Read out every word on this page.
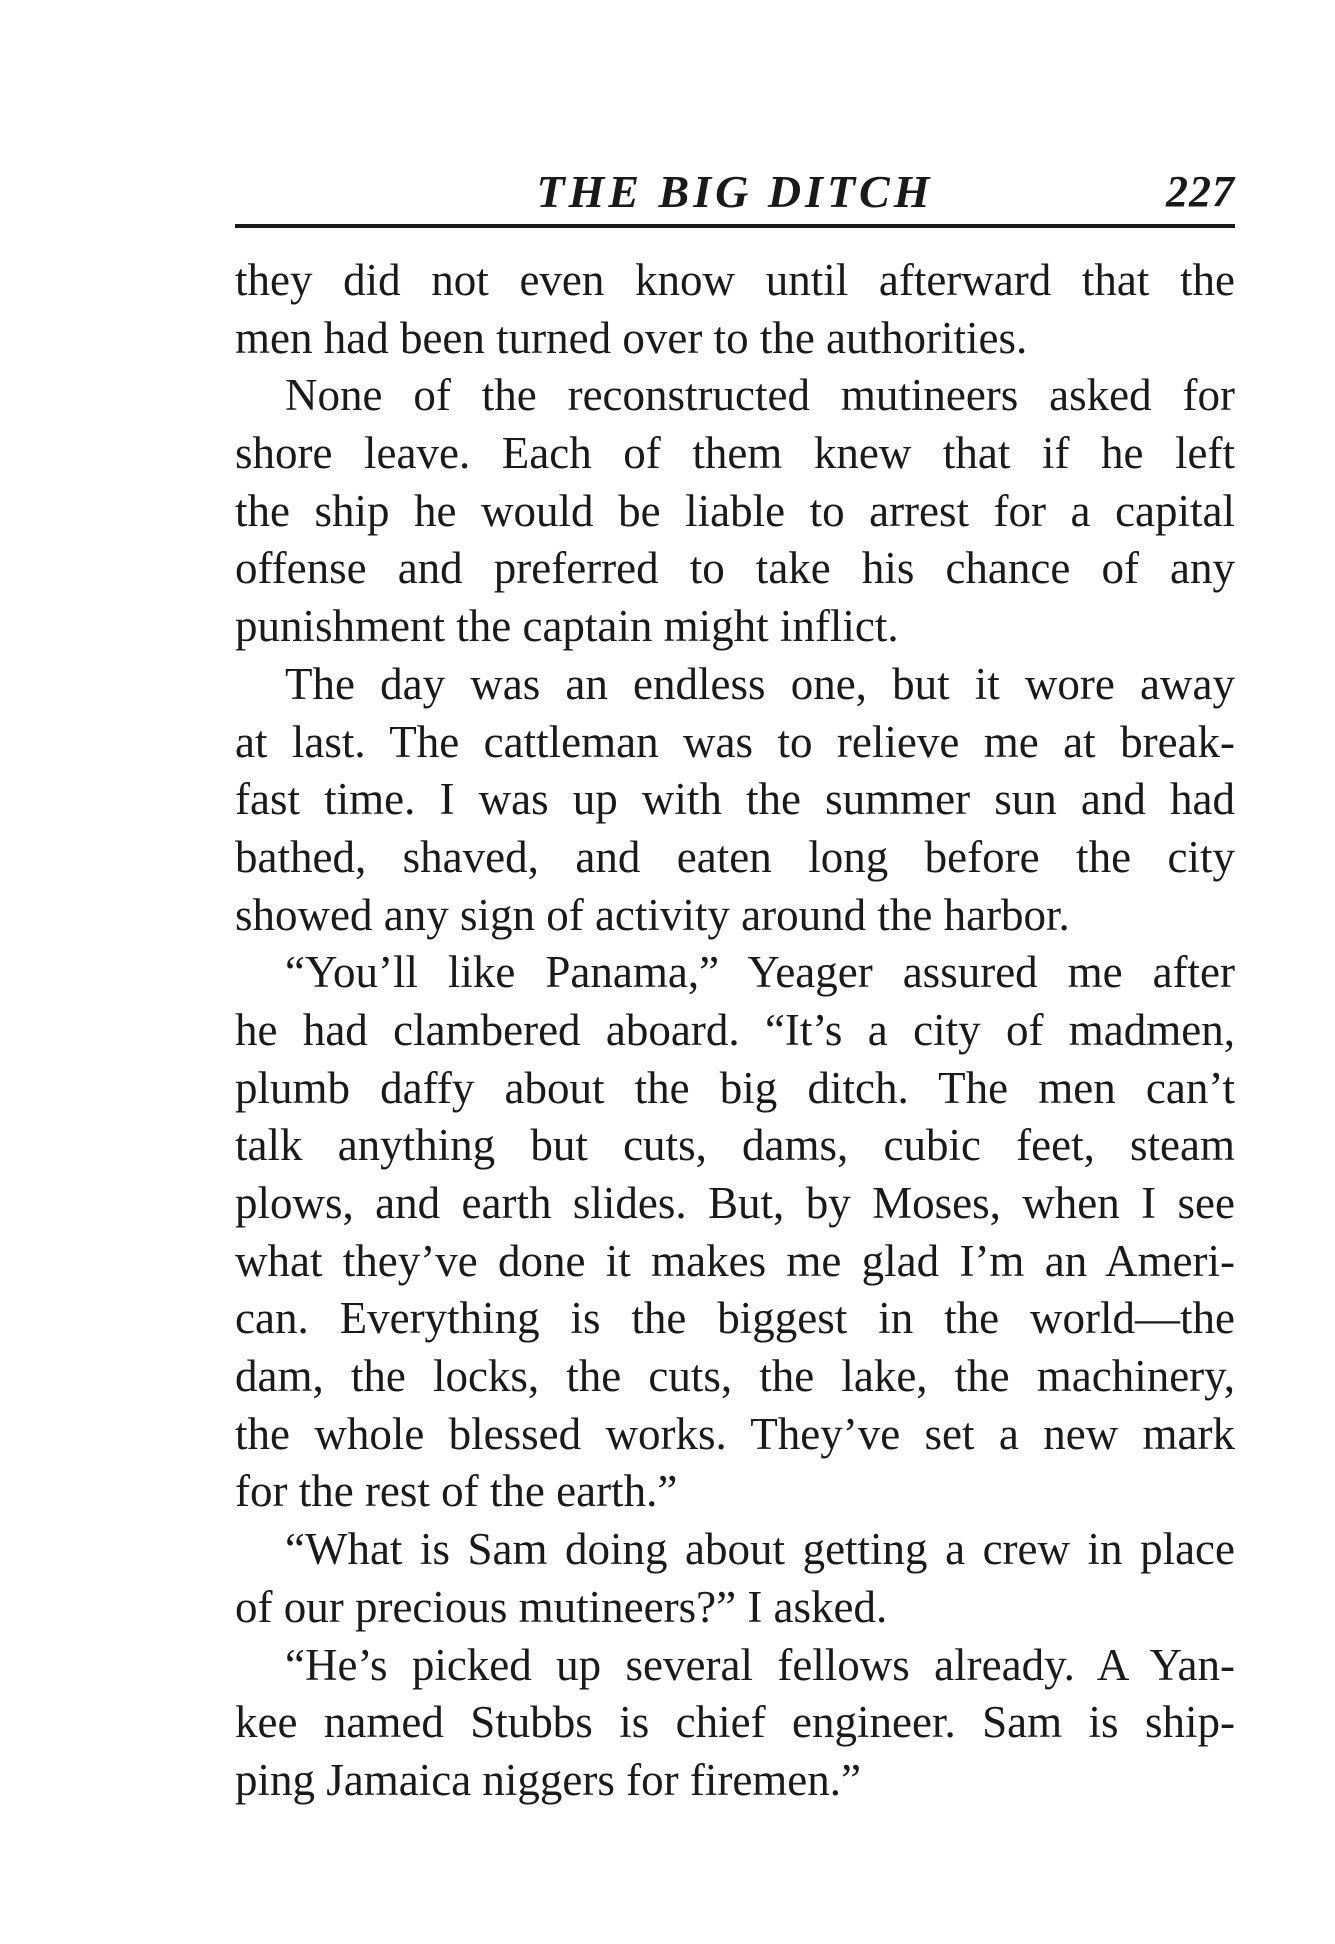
THE BIG DITCH	227
they did not even know until afterward that the
men had been turned over to the authorities.
None of the reconstructed mutineers asked for
shore leave. Each of them knew that if he left
the ship he would be liable to arrest for a capital
offense and preferred to take his chance of any
punishment the captain might inflict.
The day was an endless one, but it wore away
at last. The cattleman was to relieve me at break-
fast time. I was up with the summer sun and had
bathed, shaved, and eaten long before the city
showed any sign of activity around the harbor.
“You’ll like Panama,” Yeager assured me after
he had clambered aboard. “It’s a city of madmen,
plumb daffy about the big ditch. The men can’t
talk anything but cuts, dams, cubic feet, steam
plows, and earth slides. But, by Moses, when I see
what they’ve done it makes me glad I’m an Ameri-
can. Everything is the biggest in the world—the
dam, the locks, the cuts, the lake, the machinery,
the whole blessed works. They’ve set a new mark
for the rest of the earth.”
“What is Sam doing about getting a crew in place
of our precious mutineers?” I asked.
“He’s picked up several fellows already. A Yan-
kee named Stubbs is chief engineer. Sam is ship-
ping Jamaica niggers for firemen.”
